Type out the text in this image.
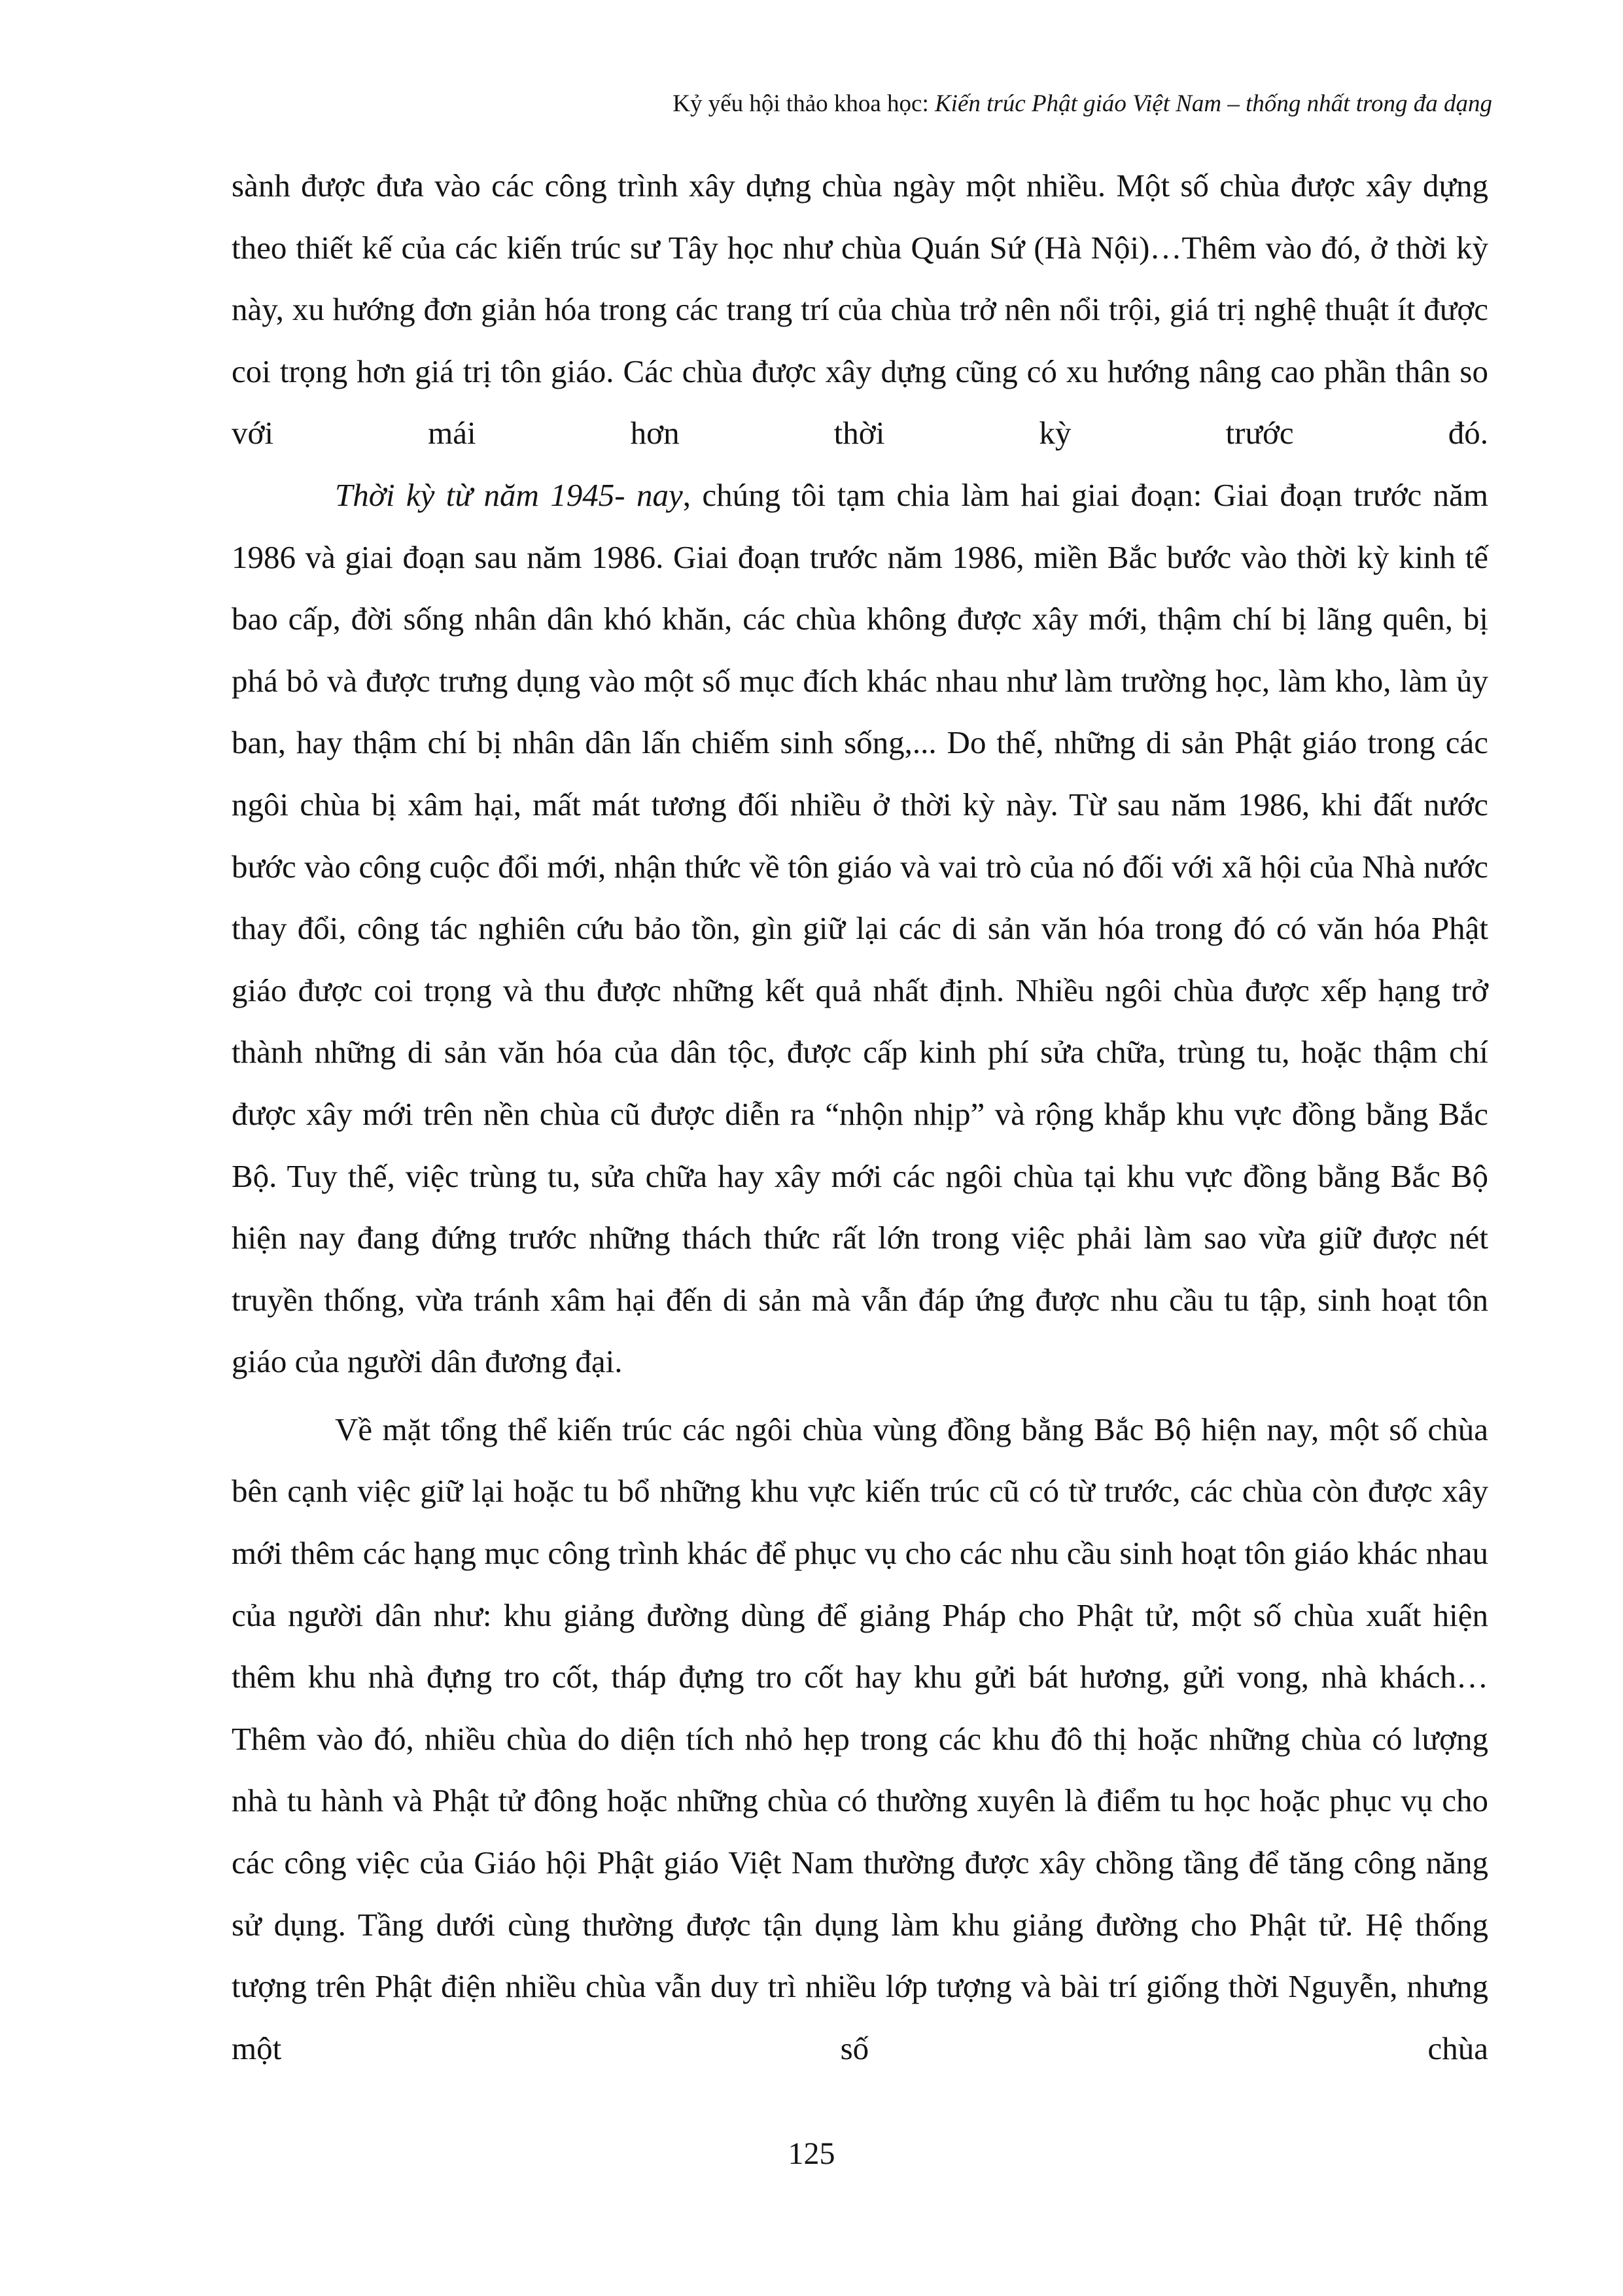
Kỷ yếu hội thảo khoa học: Kiến trúc Phật giáo Việt Nam – thống nhất trong đa dạng

sành được đưa vào các công trình xây dựng chùa ngày một nhiều. Một số chùa được xây dựng theo thiết kế của các kiến trúc sư Tây học như chùa Quán Sứ (Hà Nội)…Thêm vào đó, ở thời kỳ này, xu hướng đơn giản hóa trong các trang trí của chùa trở nên nổi trội, giá trị nghệ thuật ít được coi trọng hơn giá trị tôn giáo. Các chùa được xây dựng cũng có xu hướng nâng cao phần thân so với mái hơn thời kỳ trước đó.

Thời kỳ từ năm 1945- nay, chúng tôi tạm chia làm hai giai đoạn: Giai đoạn trước năm 1986 và giai đoạn sau năm 1986. Giai đoạn trước năm 1986, miền Bắc bước vào thời kỳ kinh tế bao cấp, đời sống nhân dân khó khăn, các chùa không được xây mới, thậm chí bị lãng quên, bị phá bỏ và được trưng dụng vào một số mục đích khác nhau như làm trường học, làm kho, làm ủy ban, hay thậm chí bị nhân dân lấn chiếm sinh sống,... Do thế, những di sản Phật giáo trong các ngôi chùa bị xâm hại, mất mát tương đối nhiều ở thời kỳ này. Từ sau năm 1986, khi đất nước bước vào công cuộc đổi mới, nhận thức về tôn giáo và vai trò của nó đối với xã hội của Nhà nước thay đổi, công tác nghiên cứu bảo tồn, gìn giữ lại các di sản văn hóa trong đó có văn hóa Phật giáo được coi trọng và thu được những kết quả nhất định. Nhiều ngôi chùa được xếp hạng trở thành những di sản văn hóa của dân tộc, được cấp kinh phí sửa chữa, trùng tu, hoặc thậm chí được xây mới trên nền chùa cũ được diễn ra “nhộn nhịp” và rộng khắp khu vực đồng bằng Bắc Bộ. Tuy thế, việc trùng tu, sửa chữa hay xây mới các ngôi chùa tại khu vực đồng bằng Bắc Bộ hiện nay đang đứng trước những thách thức rất lớn trong việc phải làm sao vừa giữ được nét truyền thống, vừa tránh xâm hại đến di sản mà vẫn đáp ứng được nhu cầu tu tập, sinh hoạt tôn giáo của người dân đương đại.

Về mặt tổng thể kiến trúc các ngôi chùa vùng đồng bằng Bắc Bộ hiện nay, một số chùa bên cạnh việc giữ lại hoặc tu bổ những khu vực kiến trúc cũ có từ trước, các chùa còn được xây mới thêm các hạng mục công trình khác để phục vụ cho các nhu cầu sinh hoạt tôn giáo khác nhau của người dân như: khu giảng đường dùng để giảng Pháp cho Phật tử, một số chùa xuất hiện thêm khu nhà đựng tro cốt, tháp đựng tro cốt hay khu gửi bát hương, gửi vong, nhà khách… Thêm vào đó, nhiều chùa do diện tích nhỏ hẹp trong các khu đô thị hoặc những chùa có lượng nhà tu hành và Phật tử đông hoặc những chùa có thường xuyên là điểm tu học hoặc phục vụ cho các công việc của Giáo hội Phật giáo Việt Nam thường được xây chồng tầng để tăng công năng sử dụng. Tầng dưới cùng thường được tận dụng làm khu giảng đường cho Phật tử. Hệ thống tượng trên Phật điện nhiều chùa vẫn duy trì nhiều lớp tượng và bài trí giống thời Nguyễn, nhưng một số chùa

125
